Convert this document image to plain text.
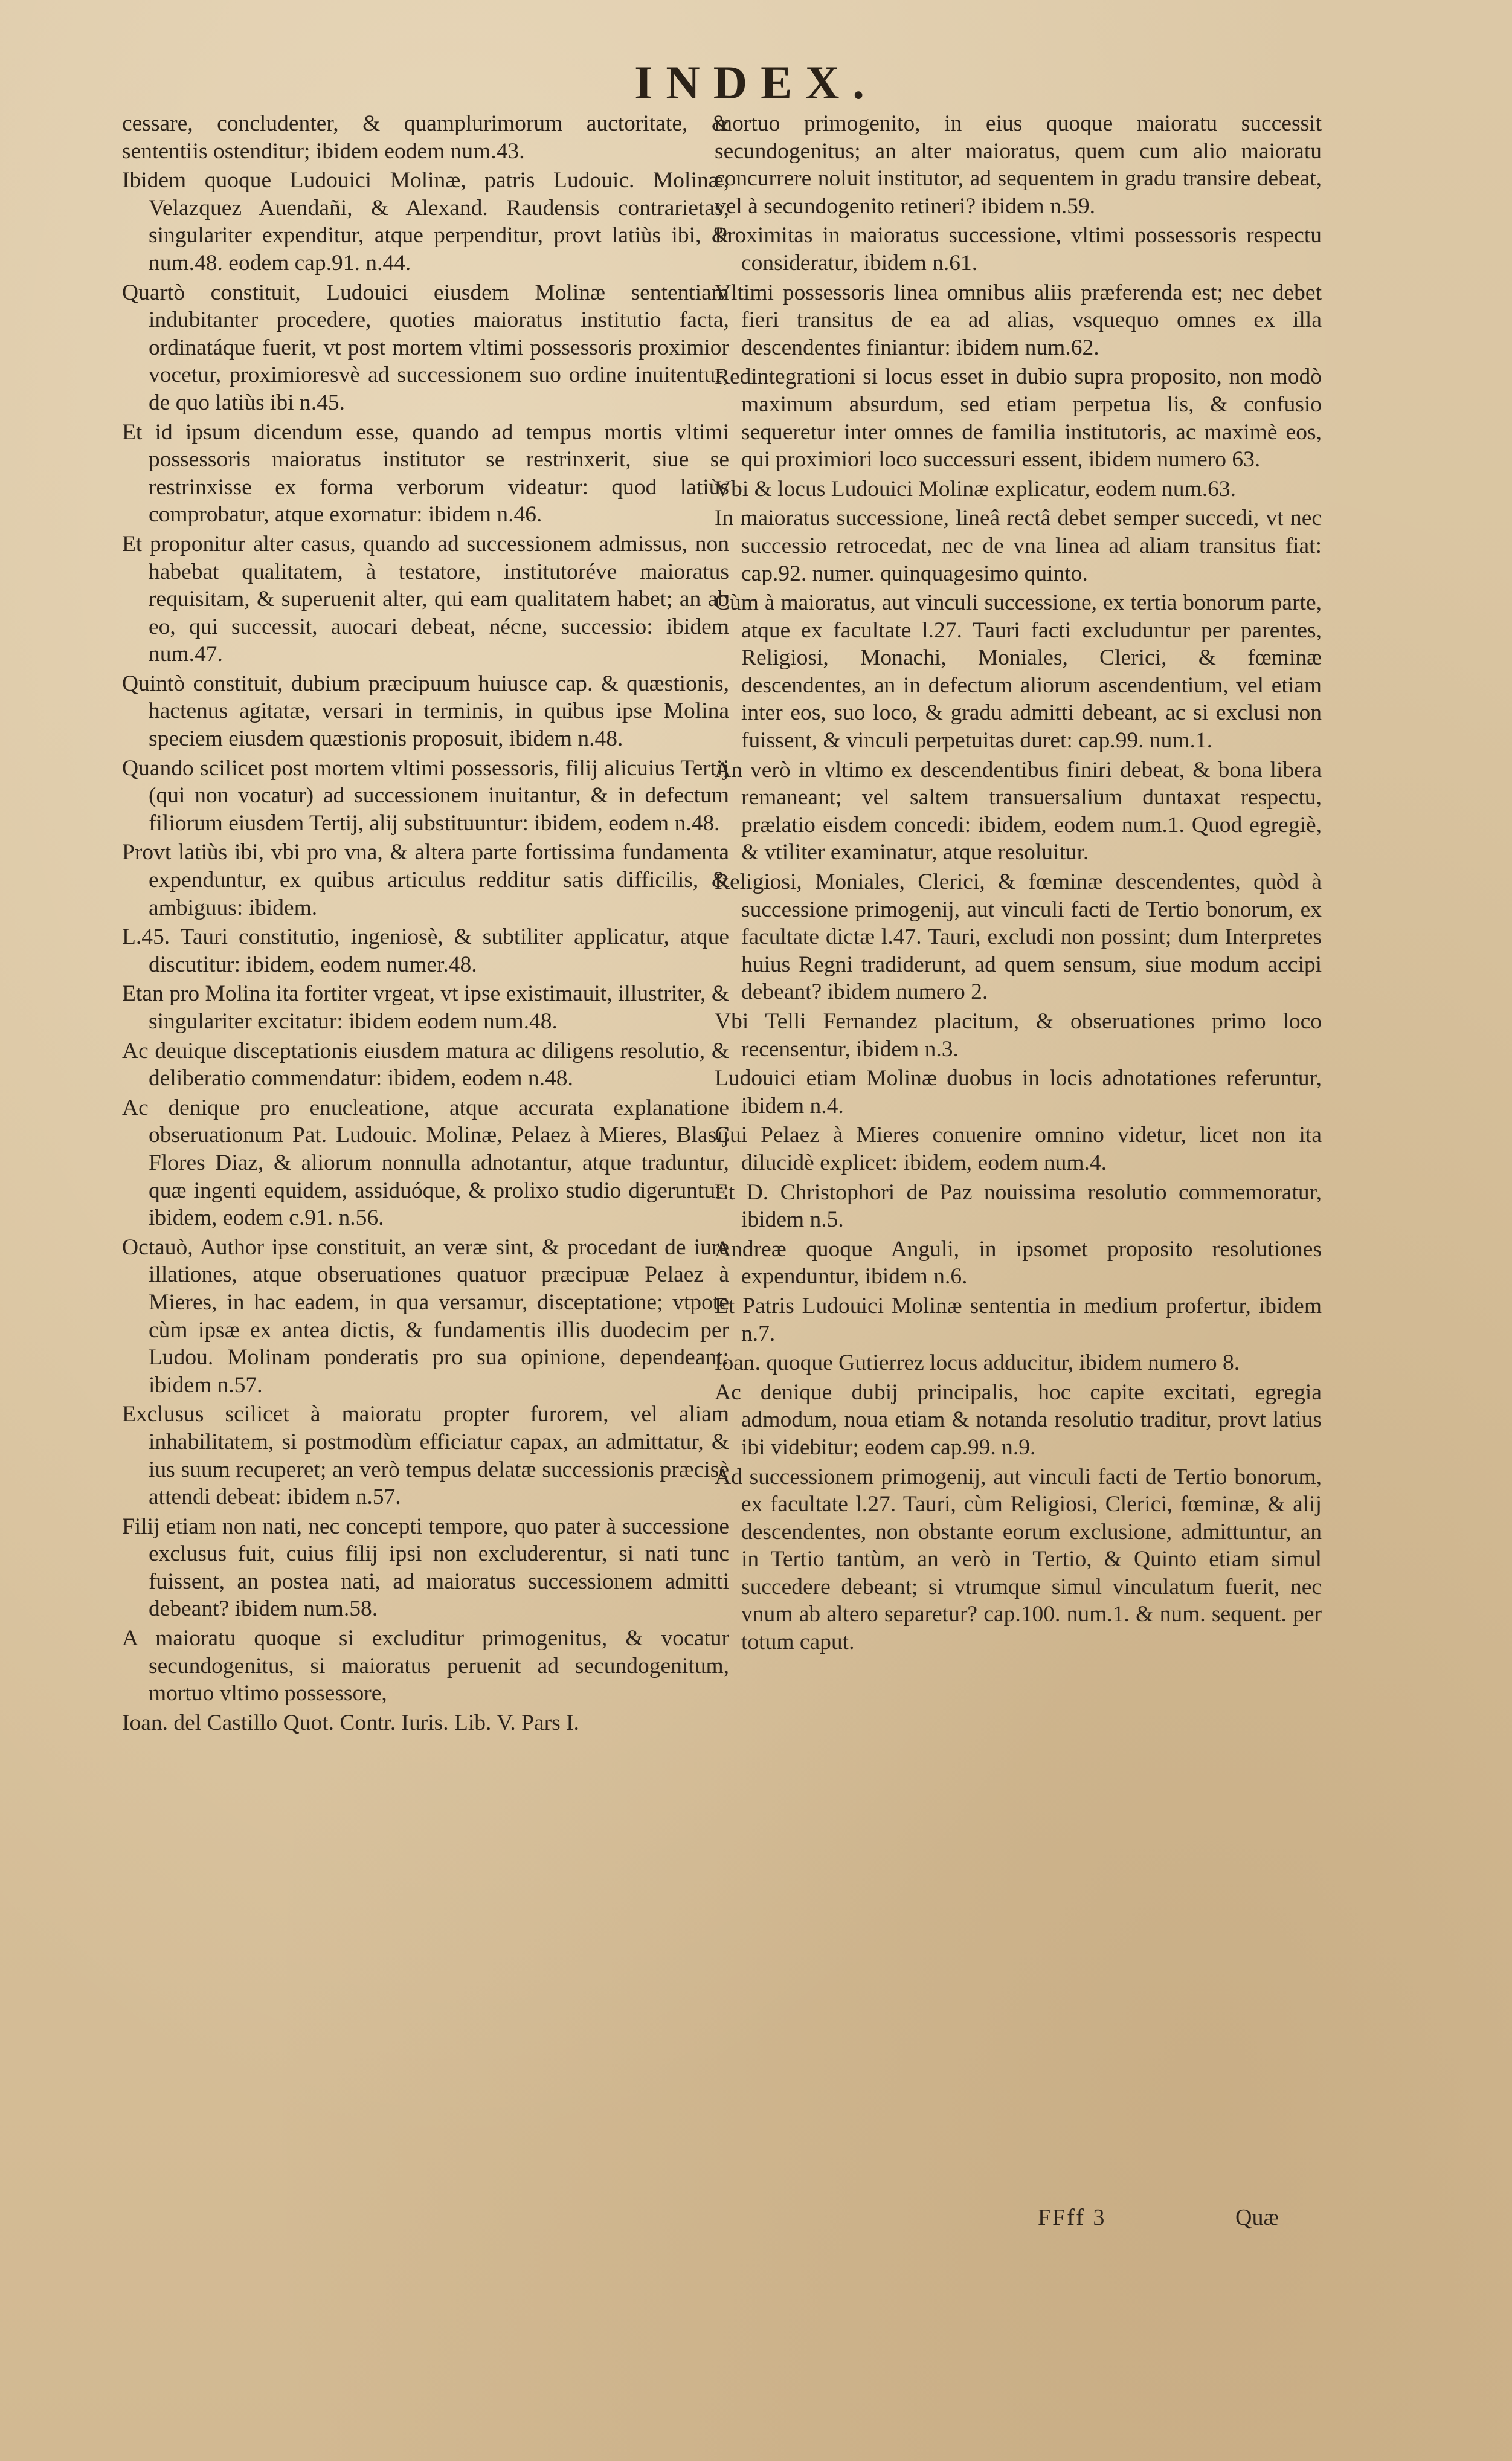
INDEX.

cessare, concludenter, & quamplurimorum auctoritate, & sententiis ostenditur; ibidem eodem num.43.

Ibidem quoque Ludouici Molinæ, patris Ludouic. Molinæ, Velazquez Auendañi, & Alexand. Raudensis contrarietas, singulariter expenditur, atque perpenditur, provt latiùs ibi, & num.48. eodem cap.91. n.44.

Quartò constituit, Ludouici eiusdem Molinæ sententiam indubitanter procedere, quoties maioratus institutio facta, ordinatáque fuerit, vt post mortem vltimi possessoris proximior vocetur, proximioresvè ad successionem suo ordine inuitentur; de quo latiùs ibi n.45.

Et id ipsum dicendum esse, quando ad tempus mortis vltimi possessoris maioratus institutor se restrinxerit, siue se restrinxisse ex forma verborum videatur: quod latiùs comprobatur, atque exornatur: ibidem n.46.

Et proponitur alter casus, quando ad successionem admissus, non habebat qualitatem, à testatore, institutoréve maioratus requisitam, & superuenit alter, qui eam qualitatem habet; an ab eo, qui successit, auocari debeat, nécne, successio: ibidem num.47.

Quintò constituit, dubium præcipuum huiusce cap. & quæstionis, hactenus agitatæ, versari in terminis, in quibus ipse Molina speciem eiusdem quæstionis proposuit, ibidem n.48.

Quando scilicet post mortem vltimi possessoris, filij alicuius Tertij (qui non vocatur) ad successionem inuitantur, & in defectum filiorum eiusdem Tertij, alij substituuntur: ibidem, eodem n.48.

Provt latiùs ibi, vbi pro vna, & altera parte fortissima fundamenta expenduntur, ex quibus articulus redditur satis difficilis, & ambiguus: ibidem.

L.45. Tauri constitutio, ingeniosè, & subtiliter applicatur, atque discutitur: ibidem, eodem numer.48.

Etan pro Molina ita fortiter vrgeat, vt ipse existimauit, illustriter, & singulariter excitatur: ibidem eodem num.48.

Ac deuique disceptationis eiusdem matura ac diligens resolutio, & deliberatio commendatur: ibidem, eodem n.48.

Ac denique pro enucleatione, atque accurata explanatione obseruationum Pat. Ludouic. Molinæ, Pelaez à Mieres, Blasij Flores Diaz, & aliorum nonnulla adnotantur, atque traduntur, quæ ingenti equidem, assiduóque, & prolixo studio digeruntur: ibidem, eodem c.91. n.56.

Octauò, Author ipse constituit, an veræ sint, & procedant de iure illationes, atque obseruationes quatuor præcipuæ Pelaez à Mieres, in hac eadem, in qua versamur, disceptatione; vtpote cùm ipsæ ex antea dictis, & fundamentis illis duodecim per Ludou. Molinam ponderatis pro sua opinione, dependeant: ibidem n.57.

Exclusus scilicet à maioratu propter furorem, vel aliam inhabilitatem, si postmodùm efficiatur capax, an admittatur, & ius suum recuperet; an verò tempus delatæ successionis præcisè attendi debeat: ibidem n.57.

Filij etiam non nati, nec concepti tempore, quo pater à successione exclusus fuit, cuius filij ipsi non excluderentur, si nati tunc fuissent, an postea nati, ad maioratus successionem admitti debeant? ibidem num.58.

A maioratu quoque si excluditur primogenitus, & vocatur secundogenitus, si maioratus peruenit ad secundogenitum, mortuo vltimo possessore,

Ioan. del Castillo Quot. Contr. Iuris. Lib. V. Pars I.

mortuo primogenito, in eius quoque maioratu successit secundogenitus; an alter maioratus, quem cum alio maioratu concurrere noluit institutor, ad sequentem in gradu transire debeat, vel à secundogenito retineri? ibidem n.59.

Proximitas in maioratus successione, vltimi possessoris respectu consideratur, ibidem n.61.

Vltimi possessoris linea omnibus aliis præferenda est; nec debet fieri transitus de ea ad alias, vsquequo omnes ex illa descendentes finiantur: ibidem num.62.

Redintegrationi si locus esset in dubio supra proposito, non modò maximum absurdum, sed etiam perpetua lis, & confusio sequeretur inter omnes de familia institutoris, ac maximè eos, qui proximiori loco successuri essent, ibidem numero 63.

Vbi & locus Ludouici Molinæ explicatur, eodem num.63.

In maioratus successione, lineâ rectâ debet semper succedi, vt nec successio retrocedat, nec de vna linea ad aliam transitus fiat: cap.92. numer. quinquagesimo quinto.

Cùm à maioratus, aut vinculi successione, ex tertia bonorum parte, atque ex facultate l.27. Tauri facti excluduntur per parentes, Religiosi, Monachi, Moniales, Clerici, & fœminæ descendentes, an in defectum aliorum ascendentium, vel etiam inter eos, suo loco, & gradu admitti debeant, ac si exclusi non fuissent, & vinculi perpetuitas duret: cap.99. num.1.

An verò in vltimo ex descendentibus finiri debeat, & bona libera remaneant; vel saltem transuersalium duntaxat respectu, prælatio eisdem concedi: ibidem, eodem num.1. Quod egregiè, & vtiliter examinatur, atque resoluitur.

Religiosi, Moniales, Clerici, & fœminæ descendentes, quòd à successione primogenij, aut vinculi facti de Tertio bonorum, ex facultate dictæ l.47. Tauri, excludi non possint; dum Interpretes huius Regni tradiderunt, ad quem sensum, siue modum accipi debeant? ibidem numero 2.

Vbi Telli Fernandez placitum, & obseruationes primo loco recensentur, ibidem n.3.

Ludouici etiam Molinæ duobus in locis adnotationes referuntur, ibidem n.4.

Cui Pelaez à Mieres conuenire omnino videtur, licet non ita dilucidè explicet: ibidem, eodem num.4.

Et D. Christophori de Paz nouissima resolutio commemoratur, ibidem n.5.

Andreæ quoque Anguli, in ipsomet proposito resolutiones expenduntur, ibidem n.6.

Et Patris Ludouici Molinæ sententia in medium profertur, ibidem n.7.

Ioan. quoque Gutierrez locus adducitur, ibidem numero 8.

Ac denique dubij principalis, hoc capite excitati, egregia admodum, noua etiam & notanda resolutio traditur, provt latius ibi videbitur; eodem cap.99. n.9.

Ad successionem primogenij, aut vinculi facti de Tertio bonorum, ex facultate l.27. Tauri, cùm Religiosi, Clerici, fœminæ, & alij descendentes, non obstante eorum exclusione, admittuntur, an in Tertio tantùm, an verò in Tertio, & Quinto etiam simul succedere debeant; si vtrumque simul vinculatum fuerit, nec vnum ab altero separetur? cap.100. num.1. & num. sequent. per totum caput.

FFff 3	Quæ
